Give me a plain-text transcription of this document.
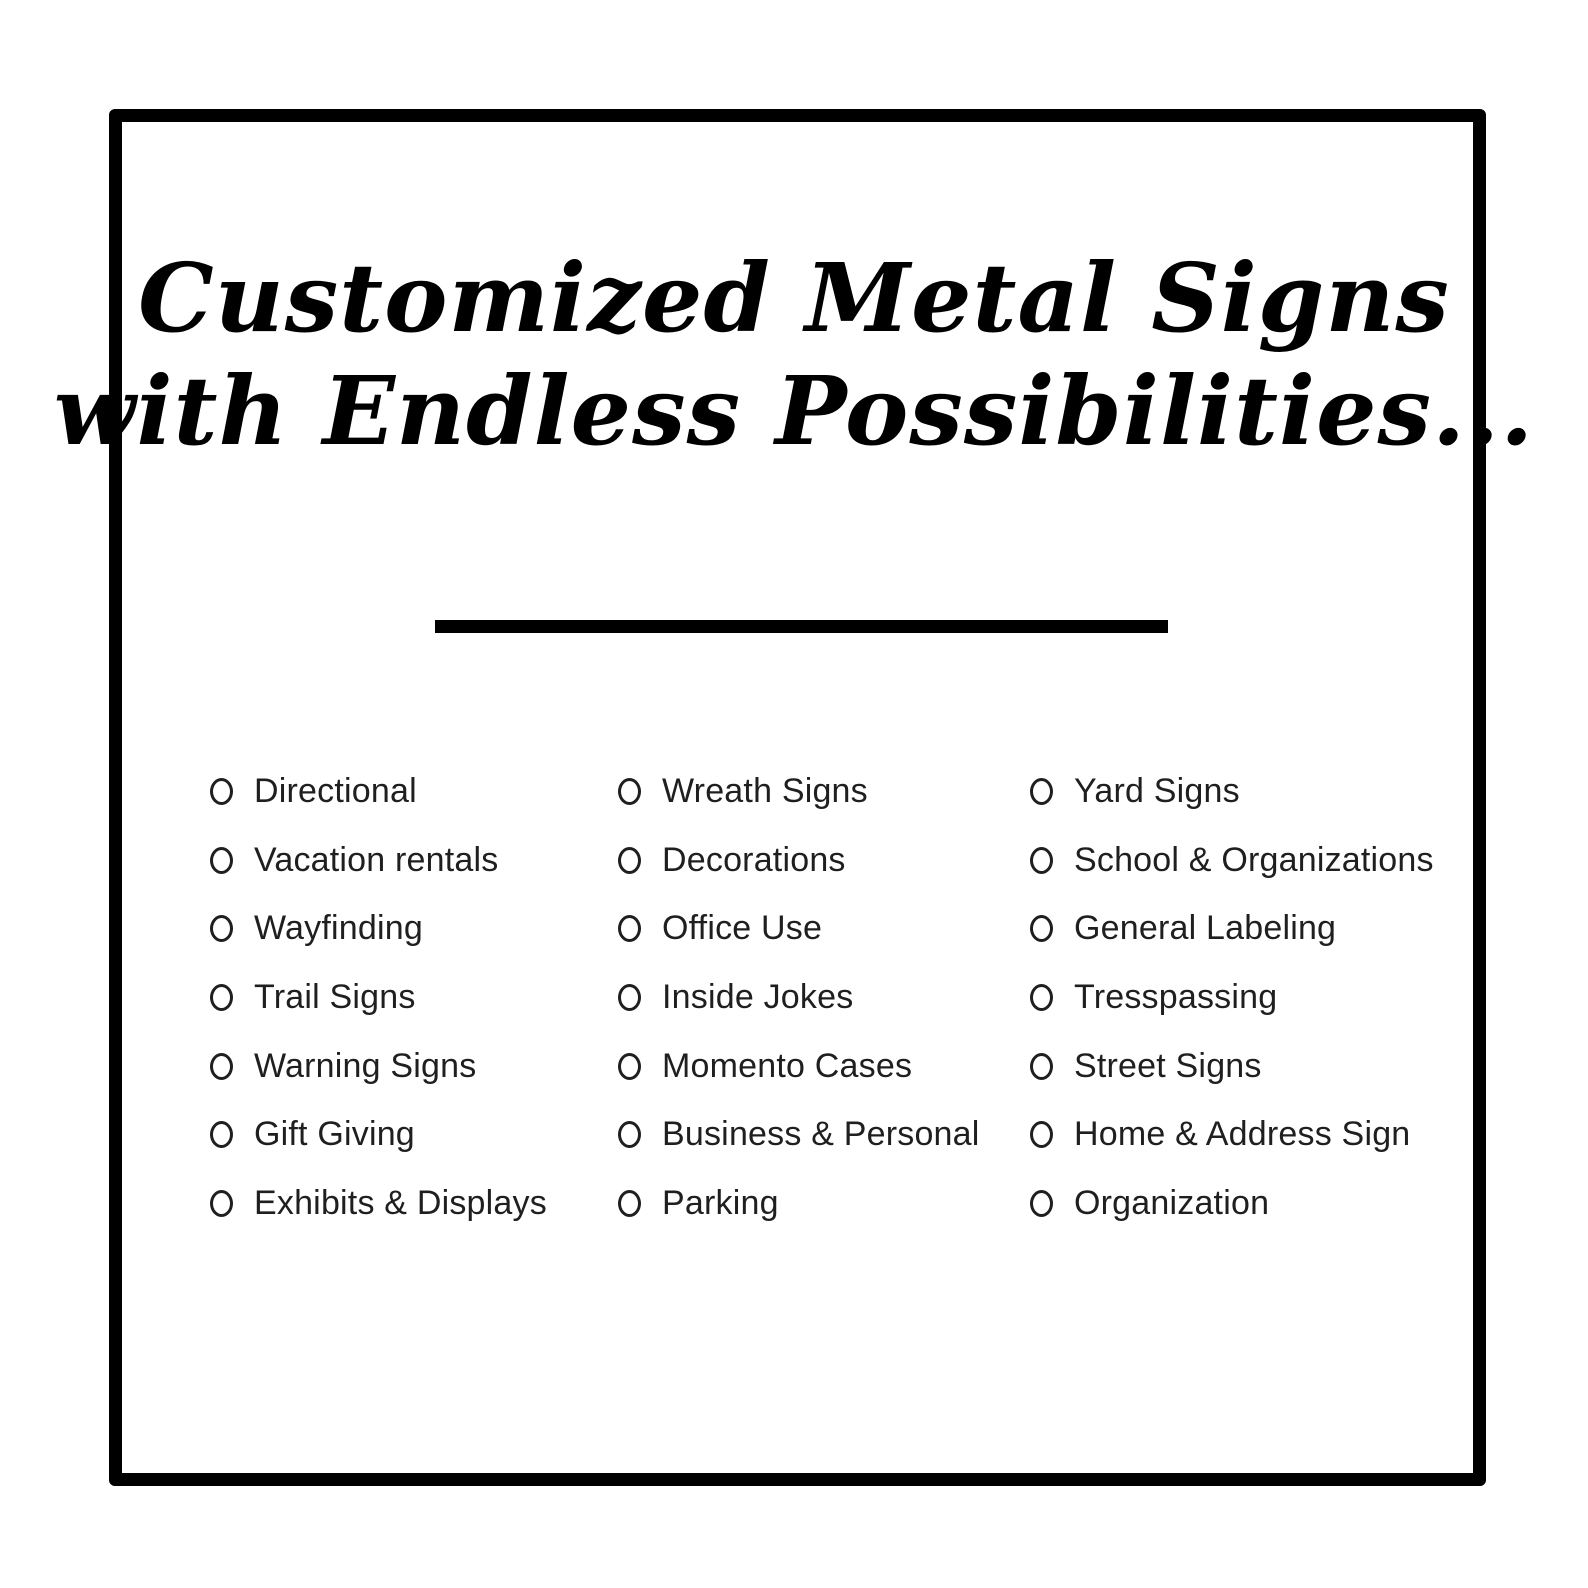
Customized Metal Signs
with Endless Possibilities...
Directional
Vacation rentals
Wayfinding
Trail Signs
Warning Signs
Gift Giving
Exhibits & Displays
Wreath Signs
Decorations
Office Use
Inside Jokes
Momento Cases
Business & Personal
Parking
Yard Signs
School & Organizations
General Labeling
Tresspassing
Street Signs
Home & Address Sign
Organization
